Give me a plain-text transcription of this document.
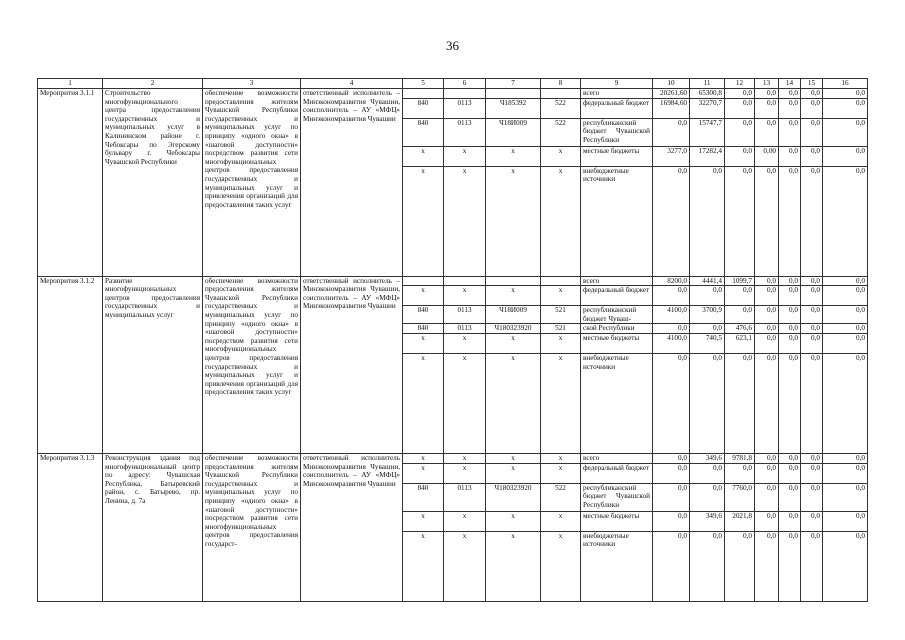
36
1	2	3	4	5	6	7	8	9	10	11	12	13	14	15	16
Меропрития 3.1.1	Строительство многофункционального центра предоставления государственных и муниципальных услуг в Калининском районе г. Чебоксары по Эгерскому бульвару г. Чебоксары Чувашской Республики	обеспечение возможности предоставления жителям Чувашской Республики государственных и муниципальных услуг по принципу «одного окна» в «шаговой доступности» посредством развития сети многофункциональных центров предоставления государственных и муниципальных услуг и привлечения организаций для предоставления таких услуг	ответственный исполнитель – Минэкономразвития Чувашии, соисполнитель – АУ «МФЦ» Минэкономразвития Чувашии					всего	20261,60	65300,8	0,0	0,0	0,0	0,0	0,0
				840	0113	Ч185392	522	федеральный бюджет	16984,60	32270,7	0,0	0,0	0,0	0,0	0,0
				840	0113	Ч18И009	522	республиканский бюджет Чувашской Республики	0,0	15747,7	0,0	0,0	0,0	0,0	0,0
				x	x	x	x	местные бюджеты	3277,0	17282,4	0,0	0,00	0,0	0,0	0,0
				x	x	x	x	внебюджетные источники	0,0	0,0	0,0	0,0	0,0	0,0	0,0
Меропрития 3.1.2	Развитие многофункциональных центров предоставления государственных и муниципальных услуг	обеспечение возможности предоставления жителям Чувашской Республики государственных и муниципальных услуг по принципу «одного окна» в «шаговой доступности» посредством развития сети многофункциональных центров предоставления государственных и муниципальных услуг и привлечения организаций для предоставления таких услуг	ответственный исполнитель – Минэкономразвития Чувашии, соисполнитель – АУ «МФЦ» Минэкономразвития Чувашии					всего	8200,0	4441,4	1099,7	0,0	0,0	0,0	0,0
				x	x	x	x	федеральный бюджет	0,0	0,0	0,0	0,0	0,0	0,0	0,0
				840	0113	Ч18И009	521	республиканский бюджет Чуваш-	4100,0	3700,9	0,0	0,0	0,0	0,0	0,0
				840	0113	Ч180323920	521	ской Республики	0,0	0,0	476,6	0,0	0,0	0,0	0,0
				x	x	x	x	местные бюджеты	4100,0	740,5	623,1	0,0	0,0	0,0	0,0
				x	x	x	x	внебюджетные источники	0,0	0,0	0,0	0,0	0,0	0,0	0,0
Меропрития 3.1.3	Реконструкция здания под многофункциональный центр по адресу: Чувашская Республика, Батыревский район, с. Батырево, пр. Ленина, д. 7а	обеспечение возможности предоставления жителям Чувашской Республики государственных и муниципальных услуг по принципу «одного окна» в «шаговой доступности» посредством развития сети многофункциональных центров предоставления государст-	ответственный исполнитель Минэкономразвития Чувашии, соисполнитель – АУ «МФЦ» Минэкономразвития Чувашии	x	x	x	x	всего	0,0	349,6	9781,8	0,0	0,0	0,0	0,0
				x	x	x	x	федеральный бюджет	0,0	0,0	0,0	0,0	0,0	0,0	0,0
				840	0113	Ч180323920	522	республиканский бюджет Чувашской Республики	0,0	0,0	7760,0	0,0	0,0	0,0	0,0
				x	x	x	x	местные бюджеты	0,0	349,6	2021,8	0,0	0,0	0,0	0,0
				x	x	x	x	внебюджетные источники	0,0	0,0	0,0	0,0	0,0	0,0	0,0
